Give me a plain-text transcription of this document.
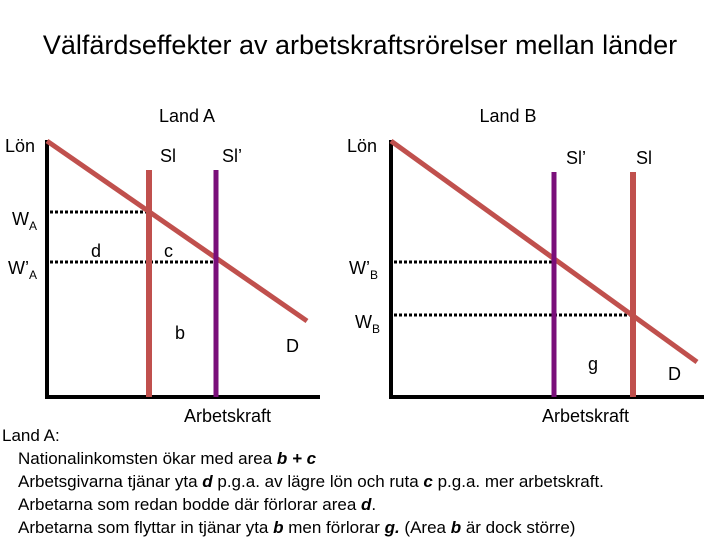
Välfärdseffekter av arbetskraftsrörelser mellan länder
Land A
Lön	Sl	Sl’
$W_A$
$W’_A$
d	c
b
D
Arbetskraft
Land B
Lön
Sl’	Sl
$W’_B$
$W_B$
g	D
Arbetskraft
Land A:
Nationalinkomsten ökar med area b + c
Arbetsgivarna tjänar yta d p.g.a. av lägre lön och ruta c p.g.a. mer arbetskraft.
Arbetarna som redan bodde där förlorar area d.
Arbetarna som flyttar in tjänar yta b men förlorar g. (Area b är dock större)
